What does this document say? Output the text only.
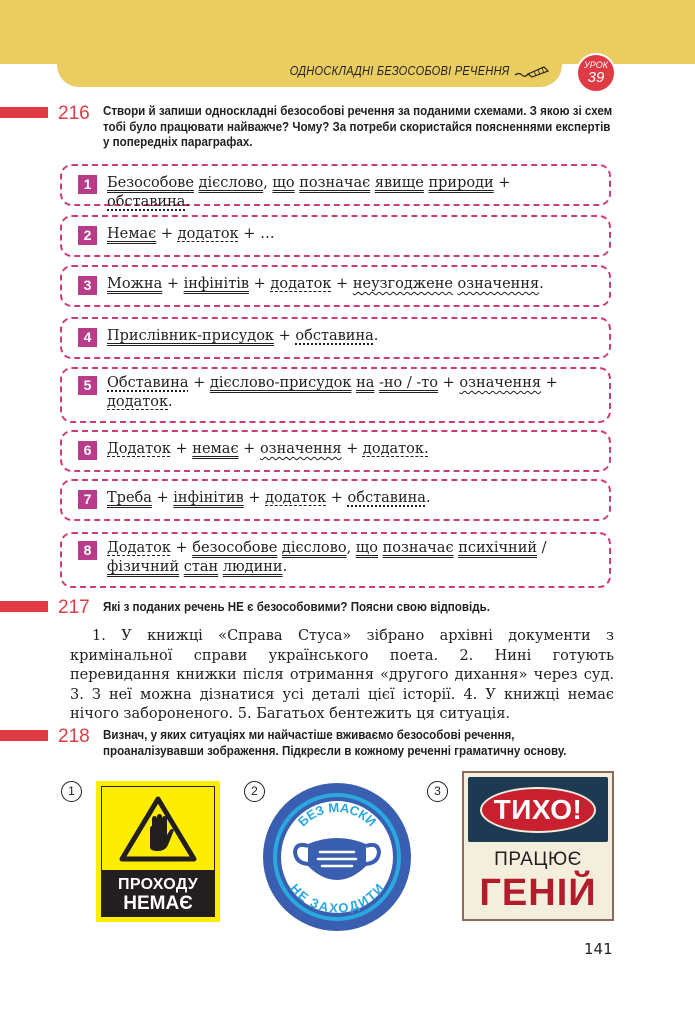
ОДНОСКЛАДНІ БЕЗОСОБОВІ РЕЧЕННЯ	УРОК
39
216 Створи й запиши односкладні безособові речення за поданими схемами. З якою зі схем тобі було працювати найважче? Чому? За потреби скористайся поясненнями експертів у попередніх параграфах.
1	Безособове дієслово, що позначає явище природи + обставина.
2	Немає + додаток + …
3	Можна + інфінітів + додаток + неузгоджене означення.
4	Прислівник-присудок + обставина.
5	Обставина + дієслово-присудок на -но / -то + означення + додаток.
6	Додаток + немає + означення + додаток.
7	Треба + інфінітив + додаток + обставина.
8	Додаток + безособове дієслово, що позначає психічний / фізичний стан людини.
217 Які з поданих речень НЕ є безособовими? Поясни свою відповідь.
1. У книжці «Справа Стуса» зібрано архівні документи з кримінальної справи українського поета. 2. Нині готують перевидання книжки після отримання «другого дихання» через суд. 3. З неї можна дізнатися усі деталі цієї історії. 4. У книжці немає нічого забороненого. 5. Багатьох бентежить ця ситуація.
218 Визнач, у яких ситуаціях ми найчастіше вживаємо безособові речення, проаналізувавши зображення. Підкресли в кожному реченні граматичну основу.
1
ПРОХОДУ
НЕМАЄ
2
БЕЗ МАСКИ
НЕ ЗАХОДИТИ
3
ТИХО!
ПРАЦЮЄ
ГЕНІЙ
141
